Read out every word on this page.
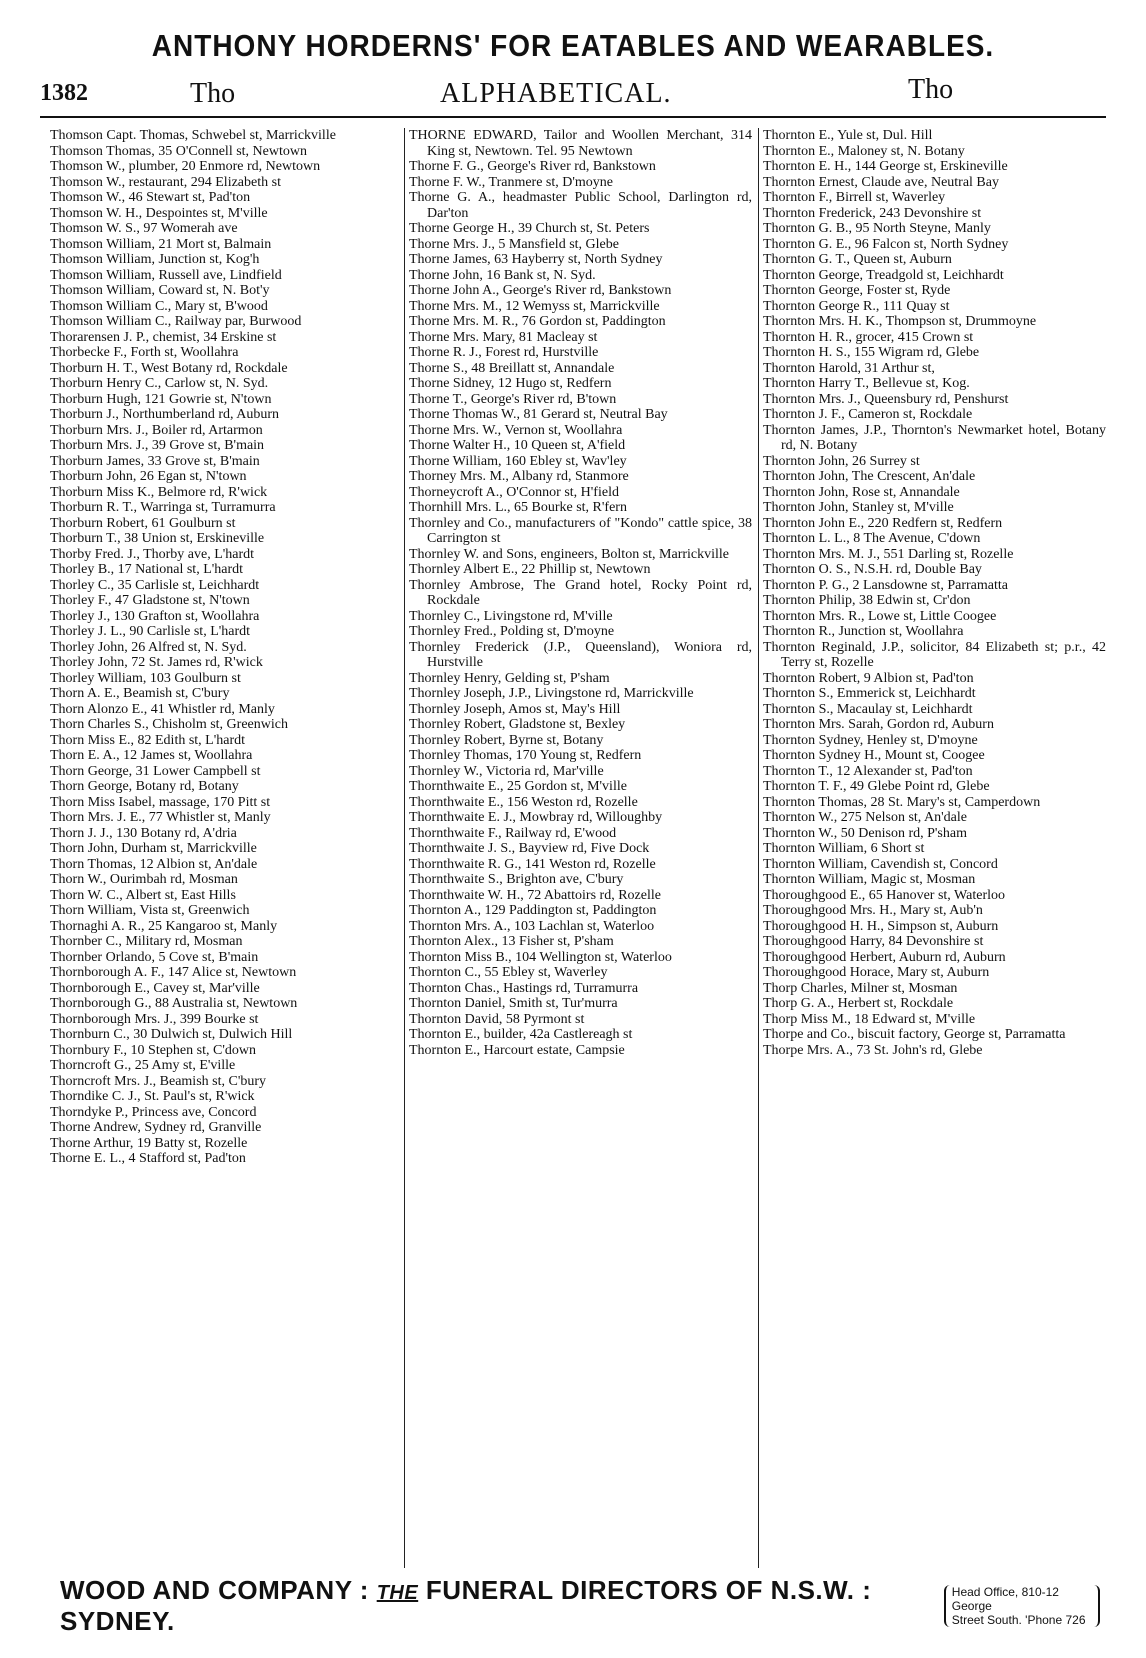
ANTHONY HORDERNS' FOR EATABLES AND WEARABLES.
1382	Tho	ALPHABETICAL.	Tho
Thomson Capt. Thomas, Schwebel st, Marrickville
Thomson Thomas, 35 O'Connell st, Newtown
Thomson W., plumber, 20 Enmore rd, Newtown
Thomson W., restaurant, 294 Elizabeth st
Thomson W., 46 Stewart st, Pad'ton
Thomson W. H., Despointes st, M'ville
Thomson W. S., 97 Womerah ave
Thomson William, 21 Mort st, Balmain
Thomson William, Junction st, Kog'h
Thomson William, Russell ave, Lindfield
Thomson William, Coward st, N. Bot'y
Thomson William C., Mary st, B'wood
Thomson William C., Railway par, Burwood
Thorarensen J. P., chemist, 34 Erskine st
Thorbecke F., Forth st, Woollahra
Thorburn H. T., West Botany rd, Rockdale
Thorburn Henry C., Carlow st, N. Syd.
Thorburn Hugh, 121 Gowrie st, N'town
Thorburn J., Northumberland rd, Auburn
Thorburn Mrs. J., Boiler rd, Artarmon
Thorburn Mrs. J., 39 Grove st, B'main
Thorburn James, 33 Grove st, B'main
Thorburn John, 26 Egan st, N'town
Thorburn Miss K., Belmore rd, R'wick
Thorburn R. T., Warringa st, Turramurra
Thorburn Robert, 61 Goulburn st
Thorburn T., 38 Union st, Erskineville
Thorby Fred. J., Thorby ave, L'hardt
Thorley B., 17 National st, L'hardt
Thorley C., 35 Carlisle st, Leichhardt
Thorley F., 47 Gladstone st, N'town
Thorley J., 130 Grafton st, Woollahra
Thorley J. L., 90 Carlisle st, L'hardt
Thorley John, 26 Alfred st, N. Syd.
Thorley John, 72 St. James rd, R'wick
Thorley William, 103 Goulburn st
Thorn A. E., Beamish st, C'bury
Thorn Alonzo E., 41 Whistler rd, Manly
Thorn Charles S., Chisholm st, Greenwich
Thorn Miss E., 82 Edith st, L'hardt
Thorn E. A., 12 James st, Woollahra
Thorn George, 31 Lower Campbell st
Thorn George, Botany rd, Botany
Thorn Miss Isabel, massage, 170 Pitt st
Thorn Mrs. J. E., 77 Whistler st, Manly
Thorn J. J., 130 Botany rd, A'dria
Thorn John, Durham st, Marrickville
Thorn Thomas, 12 Albion st, An'dale
Thorn W., Ourimbah rd, Mosman
Thorn W. C., Albert st, East Hills
Thorn William, Vista st, Greenwich
Thornaghi A. R., 25 Kangaroo st, Manly
Thornber C., Military rd, Mosman
Thornber Orlando, 5 Cove st, B'main
Thornborough A. F., 147 Alice st, Newtown
Thornborough E., Cavey st, Mar'ville
Thornborough G., 88 Australia st, Newtown
Thornborough Mrs. J., 399 Bourke st
Thornburn C., 30 Dulwich st, Dulwich Hill
Thornbury F., 10 Stephen st, C'down
Thorncroft G., 25 Amy st, E'ville
Thorncroft Mrs. J., Beamish st, C'bury
Thorndike C. J., St. Paul's st, R'wick
Thorndyke P., Princess ave, Concord
Thorne Andrew, Sydney rd, Granville
Thorne Arthur, 19 Batty st, Rozelle
Thorne E. L., 4 Stafford st, Pad'ton
THORNE EDWARD, Tailor and Woollen Merchant, 314 King st, Newtown. Tel. 95 Newtown
Thorne F. G., George's River rd, Bankstown
Thorne F. W., Tranmere st, D'moyne
Thorne G. A., headmaster Public School, Darlington rd, Dar'ton
Thorne George H., 39 Church st, St. Peters
Thorne Mrs. J., 5 Mansfield st, Glebe
Thorne James, 63 Hayberry st, North Sydney
Thorne John, 16 Bank st, N. Syd.
Thorne John A., George's River rd, Bankstown
Thorne Mrs. M., 12 Wemyss st, Marrickville
Thorne Mrs. M. R., 76 Gordon st, Paddington
Thorne Mrs. Mary, 81 Macleay st
Thorne R. J., Forest rd, Hurstville
Thorne S., 48 Breillatt st, Annandale
Thorne Sidney, 12 Hugo st, Redfern
Thorne T., George's River rd, B'town
Thorne Thomas W., 81 Gerard st, Neutral Bay
Thorne Mrs. W., Vernon st, Woollahra
Thorne Walter H., 10 Queen st, A'field
Thorne William, 160 Ebley st, Wav'ley
Thorney Mrs. M., Albany rd, Stanmore
Thorneycroft A., O'Connor st, H'field
Thornhill Mrs. L., 65 Bourke st, R'fern
Thornley and Co., manufacturers of "Kondo" cattle spice, 38 Carrington st
Thornley W. and Sons, engineers, Bolton st, Marrickville
Thornley Albert E., 22 Phillip st, Newtown
Thornley Ambrose, The Grand hotel, Rocky Point rd, Rockdale
Thornley C., Livingstone rd, M'ville
Thornley Fred., Polding st, D'moyne
Thornley Frederick (J.P., Queensland), Woniora rd, Hurstville
Thornley Henry, Gelding st, P'sham
Thornley Joseph, J.P., Livingstone rd, Marrickville
Thornley Joseph, Amos st, May's Hill
Thornley Robert, Gladstone st, Bexley
Thornley Robert, Byrne st, Botany
Thornley Thomas, 170 Young st, Redfern
Thornley W., Victoria rd, Mar'ville
Thornthwaite E., 25 Gordon st, M'ville
Thornthwaite E., 156 Weston rd, Rozelle
Thornthwaite E. J., Mowbray rd, Willoughby
Thornthwaite F., Railway rd, E'wood
Thornthwaite J. S., Bayview rd, Five Dock
Thornthwaite R. G., 141 Weston rd, Rozelle
Thornthwaite S., Brighton ave, C'bury
Thornthwaite W. H., 72 Abattoirs rd, Rozelle
Thornton A., 129 Paddington st, Paddington
Thornton Mrs. A., 103 Lachlan st, Waterloo
Thornton Alex., 13 Fisher st, P'sham
Thornton Miss B., 104 Wellington st, Waterloo
Thornton C., 55 Ebley st, Waverley
Thornton Chas., Hastings rd, Turramurra
Thornton Daniel, Smith st, Tur'murra
Thornton David, 58 Pyrmont st
Thornton E., builder, 42a Castlereagh st
Thornton E., Harcourt estate, Campsie
Thornton E., Yule st, Dul. Hill
Thornton E., Maloney st, N. Botany
Thornton E. H., 144 George st, Erskineville
Thornton Ernest, Claude ave, Neutral Bay
Thornton F., Birrell st, Waverley
Thornton Frederick, 243 Devonshire st
Thornton G. B., 95 North Steyne, Manly
Thornton G. E., 96 Falcon st, North Sydney
Thornton G. T., Queen st, Auburn
Thornton George, Treadgold st, Leichhardt
Thornton George, Foster st, Ryde
Thornton George R., 111 Quay st
Thornton Mrs. H. K., Thompson st, Drummoyne
Thornton H. R., grocer, 415 Crown st
Thornton H. S., 155 Wigram rd, Glebe
Thornton Harold, 31 Arthur st,
Thornton Harry T., Bellevue st, Kog.
Thornton Mrs. J., Queensbury rd, Penshurst
Thornton J. F., Cameron st, Rockdale
Thornton James, J.P., Thornton's Newmarket hotel, Botany rd, N. Botany
Thornton John, 26 Surrey st
Thornton John, The Crescent, An'dale
Thornton John, Rose st, Annandale
Thornton John, Stanley st, M'ville
Thornton John E., 220 Redfern st, Redfern
Thornton L. L., 8 The Avenue, C'down
Thornton Mrs. M. J., 551 Darling st, Rozelle
Thornton O. S., N.S.H. rd, Double Bay
Thornton P. G., 2 Lansdowne st, Parramatta
Thornton Philip, 38 Edwin st, Cr'don
Thornton Mrs. R., Lowe st, Little Coogee
Thornton R., Junction st, Woollahra
Thornton Reginald, J.P., solicitor, 84 Elizabeth st; p.r., 42 Terry st, Rozelle
Thornton Robert, 9 Albion st, Pad'ton
Thornton S., Emmerick st, Leichhardt
Thornton S., Macaulay st, Leichhardt
Thornton Mrs. Sarah, Gordon rd, Auburn
Thornton Sydney, Henley st, D'moyne
Thornton Sydney H., Mount st, Coogee
Thornton T., 12 Alexander st, Pad'ton
Thornton T. F., 49 Glebe Point rd, Glebe
Thornton Thomas, 28 St. Mary's st, Camperdown
Thornton W., 275 Nelson st, An'dale
Thornton W., 50 Denison rd, P'sham
Thornton William, 6 Short st
Thornton William, Cavendish st, Concord
Thornton William, Magic st, Mosman
Thoroughgood E., 65 Hanover st, Waterloo
Thoroughgood Mrs. H., Mary st, Aub'n
Thoroughgood H. H., Simpson st, Auburn
Thoroughgood Harry, 84 Devonshire st
Thoroughgood Herbert, Auburn rd, Auburn
Thoroughgood Horace, Mary st, Auburn
Thorp Charles, Milner st, Mosman
Thorp G. A., Herbert st, Rockdale
Thorp Miss M., 18 Edward st, M'ville
Thorpe and Co., biscuit factory, George st, Parramatta
Thorpe Mrs. A., 73 St. John's rd, Glebe
WOOD AND COMPANY : THE FUNERAL DIRECTORS OF N.S.W. : SYDNEY.
Head Office, 810-12 George
Street South. 'Phone 726
